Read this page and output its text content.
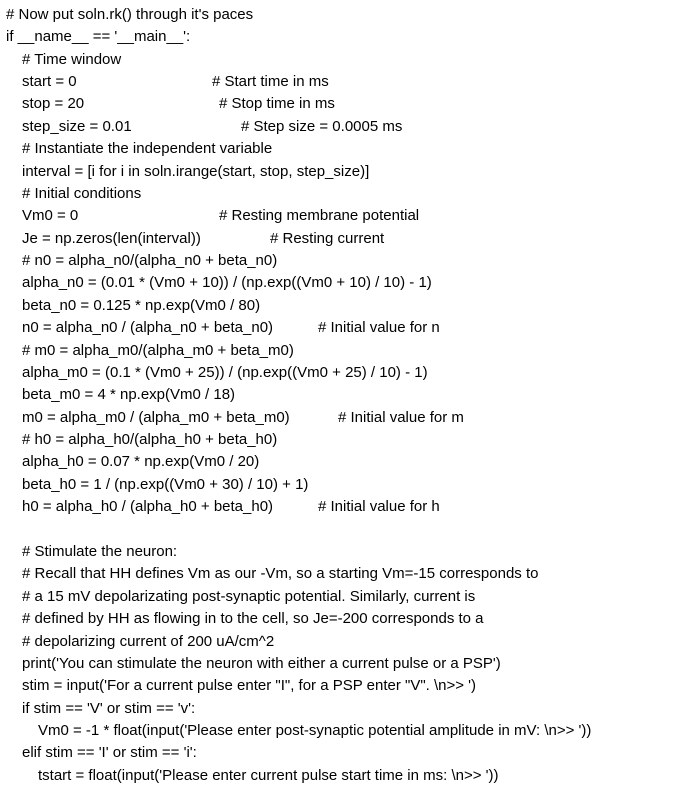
# Now put soln.rk() through it's paces
if __name__ == '__main__':
# Time window
start = 0	# Start time in ms
stop = 20	# Stop time in ms
step_size = 0.01	# Step size = 0.0005 ms
# Instantiate the independent variable
interval = [i for i in soln.irange(start, stop, step_size)]
# Initial conditions
Vm0 = 0	# Resting membrane potential
Je = np.zeros(len(interval))	# Resting current
# n0 = alpha_n0/(alpha_n0 + beta_n0)
alpha_n0 = (0.01 * (Vm0 + 10)) / (np.exp((Vm0 + 10) / 10) - 1)
beta_n0 = 0.125 * np.exp(Vm0 / 80)
n0 = alpha_n0 / (alpha_n0 + beta_n0)	# Initial value for n
# m0 = alpha_m0/(alpha_m0 + beta_m0)
alpha_m0 = (0.1 * (Vm0 + 25)) / (np.exp((Vm0 + 25) / 10) - 1)
beta_m0 = 4 * np.exp(Vm0 / 18)
m0 = alpha_m0 / (alpha_m0 + beta_m0)	# Initial value for m
# h0 = alpha_h0/(alpha_h0 + beta_h0)
alpha_h0 = 0.07 * np.exp(Vm0 / 20)
beta_h0 = 1 / (np.exp((Vm0 + 30) / 10) + 1)
h0 = alpha_h0 / (alpha_h0 + beta_h0)	# Initial value for h
# Stimulate the neuron:
# Recall that HH defines Vm as our -Vm, so a starting Vm=-15 corresponds to
# a 15 mV depolarizating post-synaptic potential. Similarly, current is
# defined by HH as flowing in to the cell, so Je=-200 corresponds to a
# depolarizing current of 200 uA/cm^2
print('You can stimulate the neuron with either a current pulse or a PSP')
stim = input('For a current pulse enter "I", for a PSP enter "V". \n>> ')
if stim == 'V' or stim == 'v':
Vm0 = -1 * float(input('Please enter post-synaptic potential amplitude in mV: \n>> '))
elif stim == 'I' or stim == 'i':
tstart = float(input('Please enter current pulse start time in ms: \n>> '))
